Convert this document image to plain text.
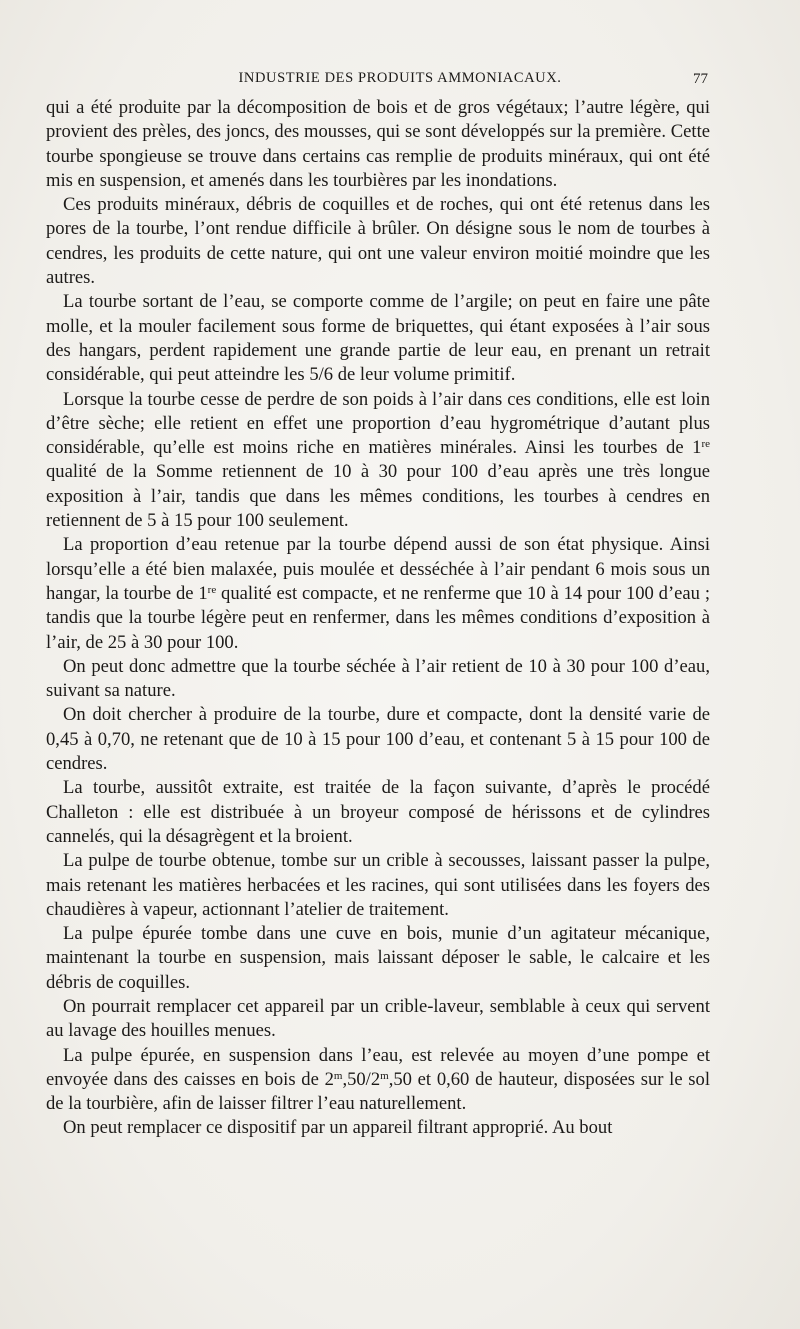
INDUSTRIE DES PRODUITS AMMONIACAUX.	77

qui a été produite par la décomposition de bois et de gros végétaux; l’autre légère, qui provient des prèles, des joncs, des mousses, qui se sont développés sur la première. Cette tourbe spongieuse se trouve dans certains cas remplie de produits minéraux, qui ont été mis en suspension, et amenés dans les tourbières par les inondations.

Ces produits minéraux, débris de coquilles et de roches, qui ont été retenus dans les pores de la tourbe, l’ont rendue difficile à brûler. On désigne sous le nom de tourbes à cendres, les produits de cette nature, qui ont une valeur environ moitié moindre que les autres.

La tourbe sortant de l’eau, se comporte comme de l’argile; on peut en faire une pâte molle, et la mouler facilement sous forme de briquettes, qui étant exposées à l’air sous des hangars, perdent rapidement une grande partie de leur eau, en prenant un retrait considérable, qui peut atteindre les 5/6 de leur volume primitif.

Lorsque la tourbe cesse de perdre de son poids à l’air dans ces conditions, elle est loin d’être sèche; elle retient en effet une proportion d’eau hygrométrique d’autant plus considérable, qu’elle est moins riche en matières minérales. Ainsi les tourbes de 1re qualité de la Somme retiennent de 10 à 30 pour 100 d’eau après une très longue exposition à l’air, tandis que dans les mêmes conditions, les tourbes à cendres en retiennent de 5 à 15 pour 100 seulement.

La proportion d’eau retenue par la tourbe dépend aussi de son état physique. Ainsi lorsqu’elle a été bien malaxée, puis moulée et desséchée à l’air pendant 6 mois sous un hangar, la tourbe de 1re qualité est compacte, et ne renferme que 10 à 14 pour 100 d’eau ; tandis que la tourbe légère peut en renfermer, dans les mêmes conditions d’exposition à l’air, de 25 à 30 pour 100.

On peut donc admettre que la tourbe séchée à l’air retient de 10 à 30 pour 100 d’eau, suivant sa nature.

On doit chercher à produire de la tourbe, dure et compacte, dont la densité varie de 0,45 à 0,70, ne retenant que de 10 à 15 pour 100 d’eau, et contenant 5 à 15 pour 100 de cendres.

La tourbe, aussitôt extraite, est traitée de la façon suivante, d’après le procédé Challeton : elle est distribuée à un broyeur composé de hérissons et de cylindres cannelés, qui la désagrègent et la broient.

La pulpe de tourbe obtenue, tombe sur un crible à secousses, laissant passer la pulpe, mais retenant les matières herbacées et les racines, qui sont utilisées dans les foyers des chaudières à vapeur, actionnant l’atelier de traitement.

La pulpe épurée tombe dans une cuve en bois, munie d’un agitateur mécanique, maintenant la tourbe en suspension, mais laissant déposer le sable, le calcaire et les débris de coquilles.

On pourrait remplacer cet appareil par un crible-laveur, semblable à ceux qui servent au lavage des houilles menues.

La pulpe épurée, en suspension dans l’eau, est relevée au moyen d’une pompe et envoyée dans des caisses en bois de 2$^m$,50/2$^m$,50 et 0,60 de hauteur, disposées sur le sol de la tourbière, afin de laisser filtrer l’eau naturellement.

On peut remplacer ce dispositif par un appareil filtrant approprié. Au bout
